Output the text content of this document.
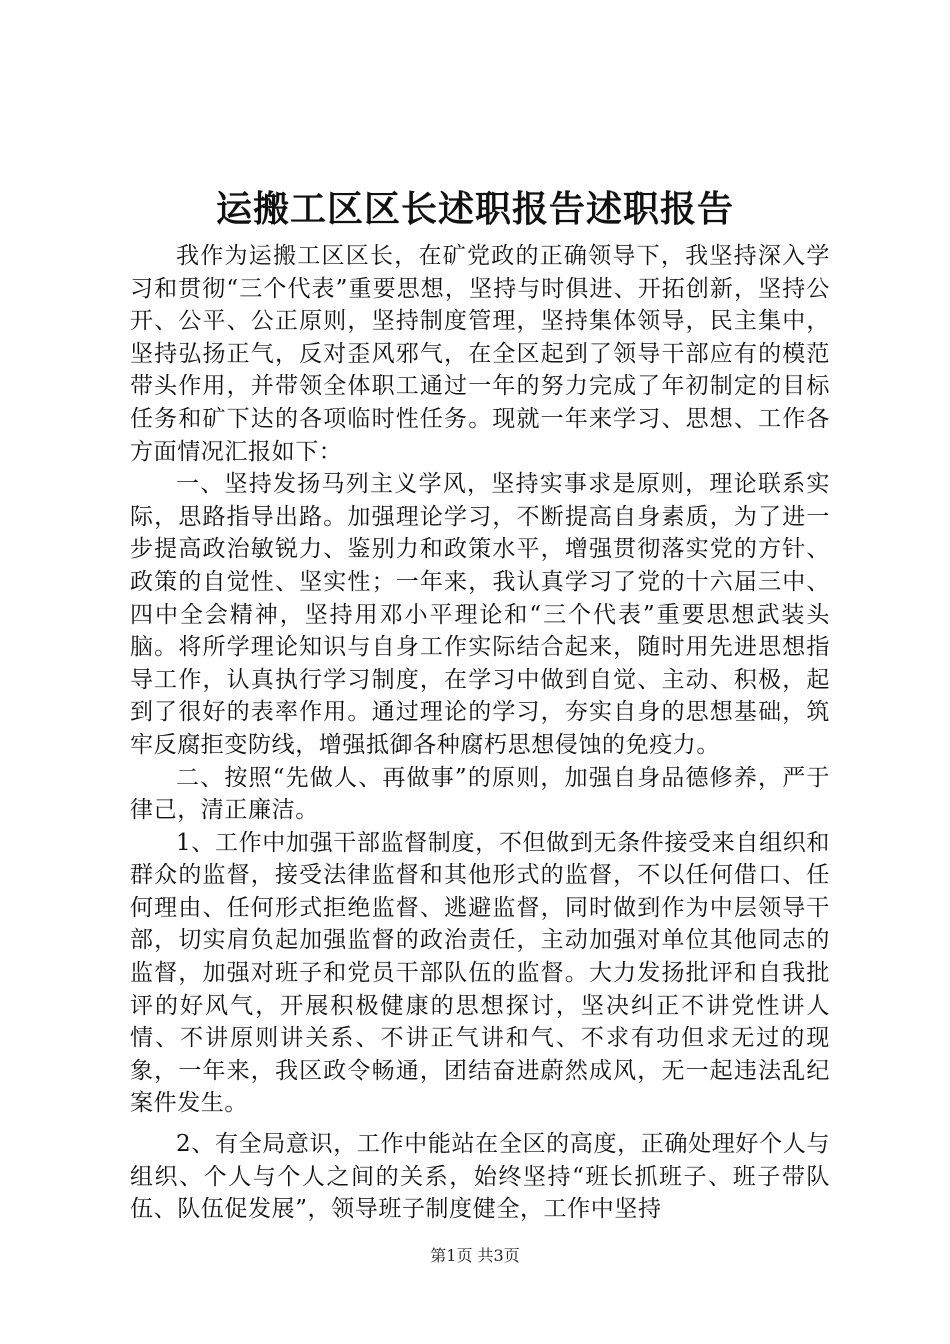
运搬工区区长述职报告述职报告

我作为运搬工区区长，在矿党政的正确领导下，我坚持深入学习和贯彻“三个代表”重要思想，坚持与时俱进、开拓创新，坚持公开、公平、公正原则，坚持制度管理，坚持集体领导，民主集中，坚持弘扬正气，反对歪风邪气，在全区起到了领导干部应有的模范带头作用，并带领全体职工通过一年的努力完成了年初制定的目标任务和矿下达的各项临时性任务。现就一年来学习、思想、工作各方面情况汇报如下：

一、坚持发扬马列主义学风，坚持实事求是原则，理论联系实际，思路指导出路。加强理论学习，不断提高自身素质，为了进一步提高政治敏锐力、鉴别力和政策水平，增强贯彻落实党的方针、政策的自觉性、坚实性；一年来，我认真学习了党的十六届三中、四中全会精神，坚持用邓小平理论和“三个代表”重要思想武装头脑。将所学理论知识与自身工作实际结合起来，随时用先进思想指导工作，认真执行学习制度，在学习中做到自觉、主动、积极，起到了很好的表率作用。通过理论的学习，夯实自身的思想基础，筑牢反腐拒变防线，增强抵御各种腐朽思想侵蚀的免疫力。

二、按照“先做人、再做事”的原则，加强自身品德修养，严于律己，清正廉洁。

1、工作中加强干部监督制度，不但做到无条件接受来自组织和群众的监督，接受法律监督和其他形式的监督，不以任何借口、任何理由、任何形式拒绝监督、逃避监督，同时做到作为中层领导干部，切实肩负起加强监督的政治责任，主动加强对单位其他同志的监督，加强对班子和党员干部队伍的监督。大力发扬批评和自我批评的好风气，开展积极健康的思想探讨，坚决纠正不讲党性讲人情、不讲原则讲关系、不讲正气讲和气、不求有功但求无过的现象，一年来，我区政令畅通，团结奋进蔚然成风，无一起违法乱纪案件发生。

2、有全局意识，工作中能站在全区的高度，正确处理好个人与组织、个人与个人之间的关系，始终坚持“班长抓班子、班子带队伍、队伍促发展”，领导班子制度健全，工作中坚持

第1页 共3页
